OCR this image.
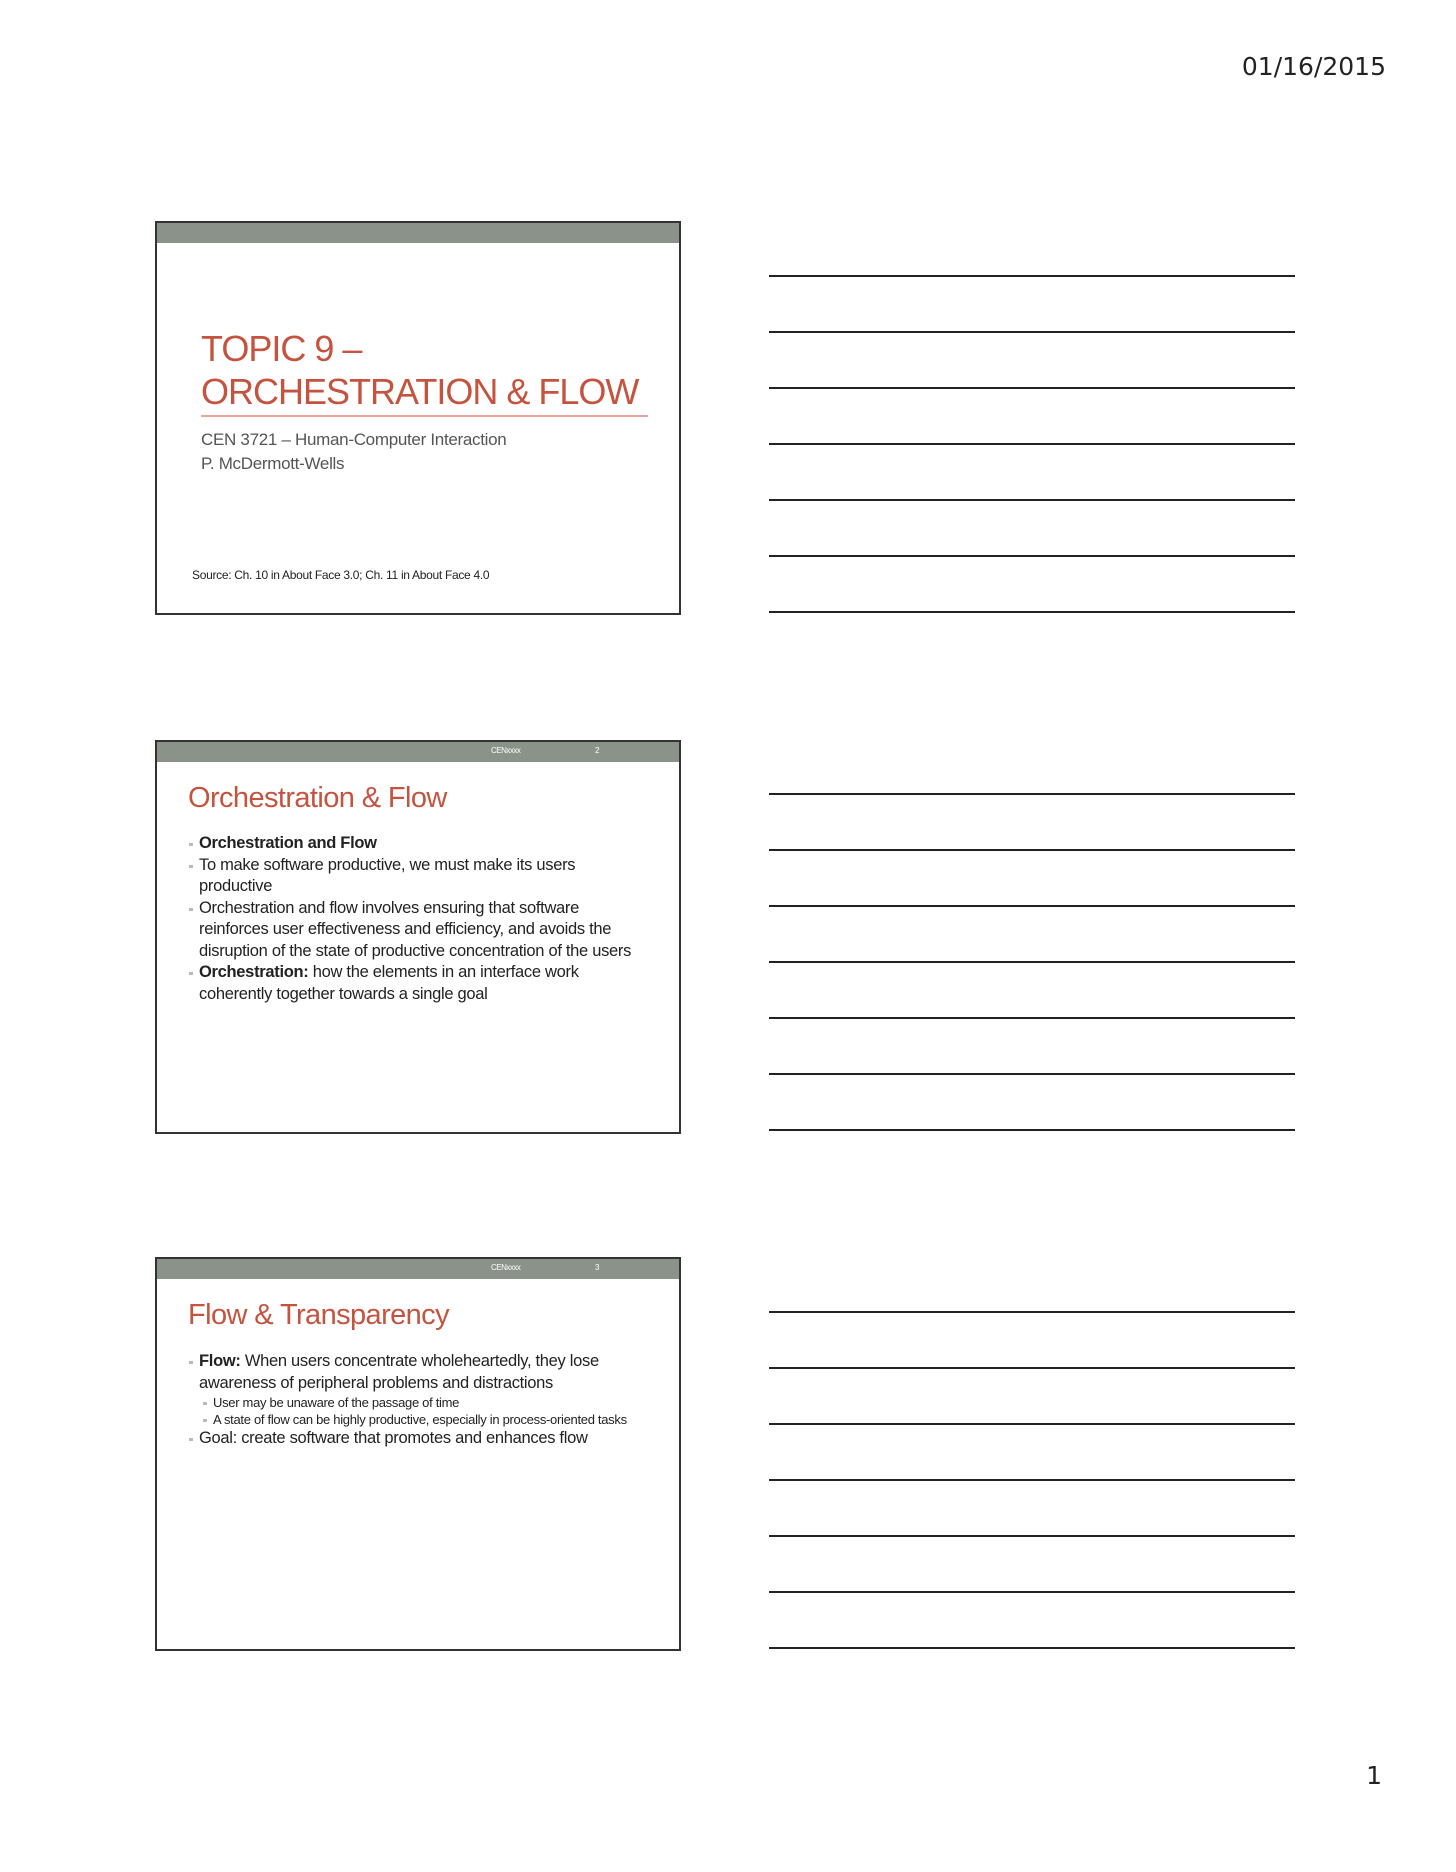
01/16/2015
TOPIC 9 –
ORCHESTRATION & FLOW
CEN 3721 – Human-Computer Interaction
P. McDermott-Wells
Source: Ch. 10 in About Face 3.0; Ch. 11 in About Face 4.0
CENxxxx	2
Orchestration & Flow
Orchestration and Flow
To make software productive, we must make its users productive
Orchestration and flow involves ensuring that software reinforces user effectiveness and efficiency, and avoids the disruption of the state of productive concentration of the users
Orchestration: how the elements in an interface work coherently together towards a single goal
CENxxxx	3
Flow & Transparency
Flow: When users concentrate wholeheartedly, they lose awareness of peripheral problems and distractions
User may be unaware of the passage of time
A state of flow can be highly productive, especially in process-oriented tasks
Goal: create software that promotes and enhances flow
1
